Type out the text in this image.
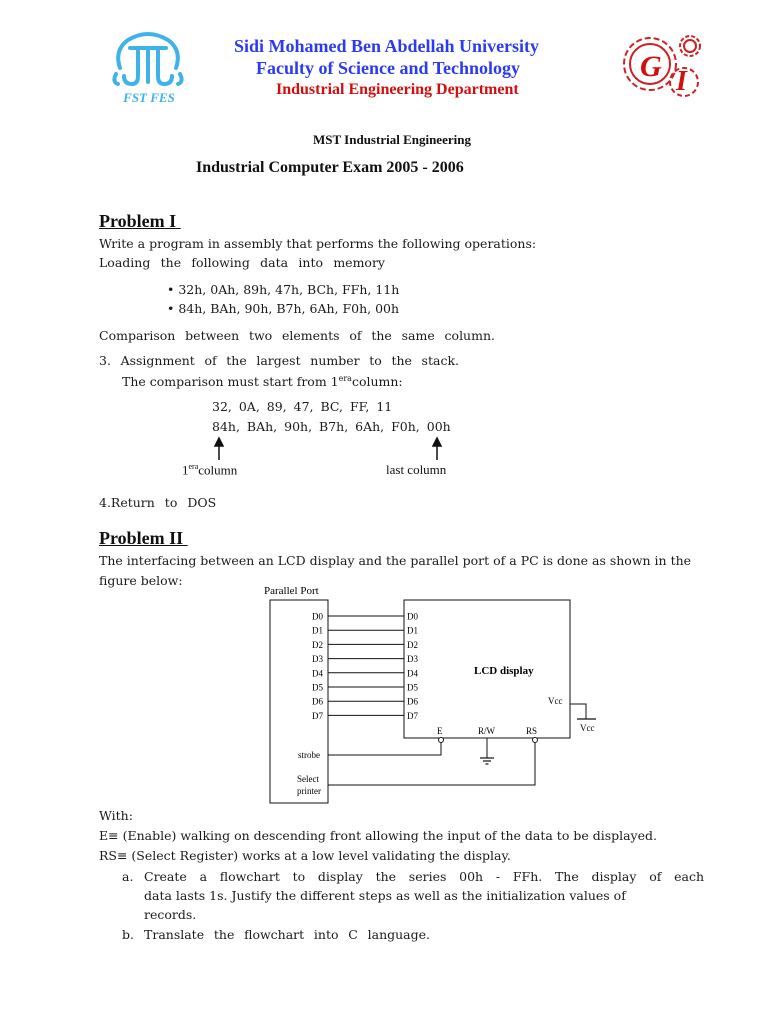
FST FES
Sidi Mohamed Ben Abdellah University
Faculty of Science and Technology
Industrial Engineering Department
G I
MST Industrial Engineering
Industrial Computer Exam 2005 - 2006
Problem I
Write a program in assembly that performs the following operations:
Loading the following data into memory
• 32h, 0Ah, 89h, 47h, BCh, FFh, 11h
• 84h, BAh, 90h, B7h, 6Ah, F0h, 00h
Comparison between two elements of the same column.
3. Assignment of the largest number to the stack.
The comparison must start from $1^{era}column$:
32, 0A, 89, 47, BC, FF, 11
84h, BAh, 90h, B7h, 6Ah, F0h, 00h
$1^{era}column$	last column
4.Return to DOS
Problem II
The interfacing between an LCD display and the parallel port of a PC is done as shown in the
figure below:
Parallel Port
LCD display
D0
D1
D2
D3
D4
D5
D6
D7
D0
D1
D2
D3
D4
D5
D6
D7
strobe
E	R/W
Select
printer
RS
Vcc
Vcc
With:
E≡ (Enable) walking on descending front allowing the input of the data to be displayed.
RS≡ (Select Register) works at a low level validating the display.
a. Create a flowchart to display the series 00h - FFh. The display of each
data lasts 1s. Justify the different steps as well as the initialization values of
records.
b. Translate the flowchart into C language.
